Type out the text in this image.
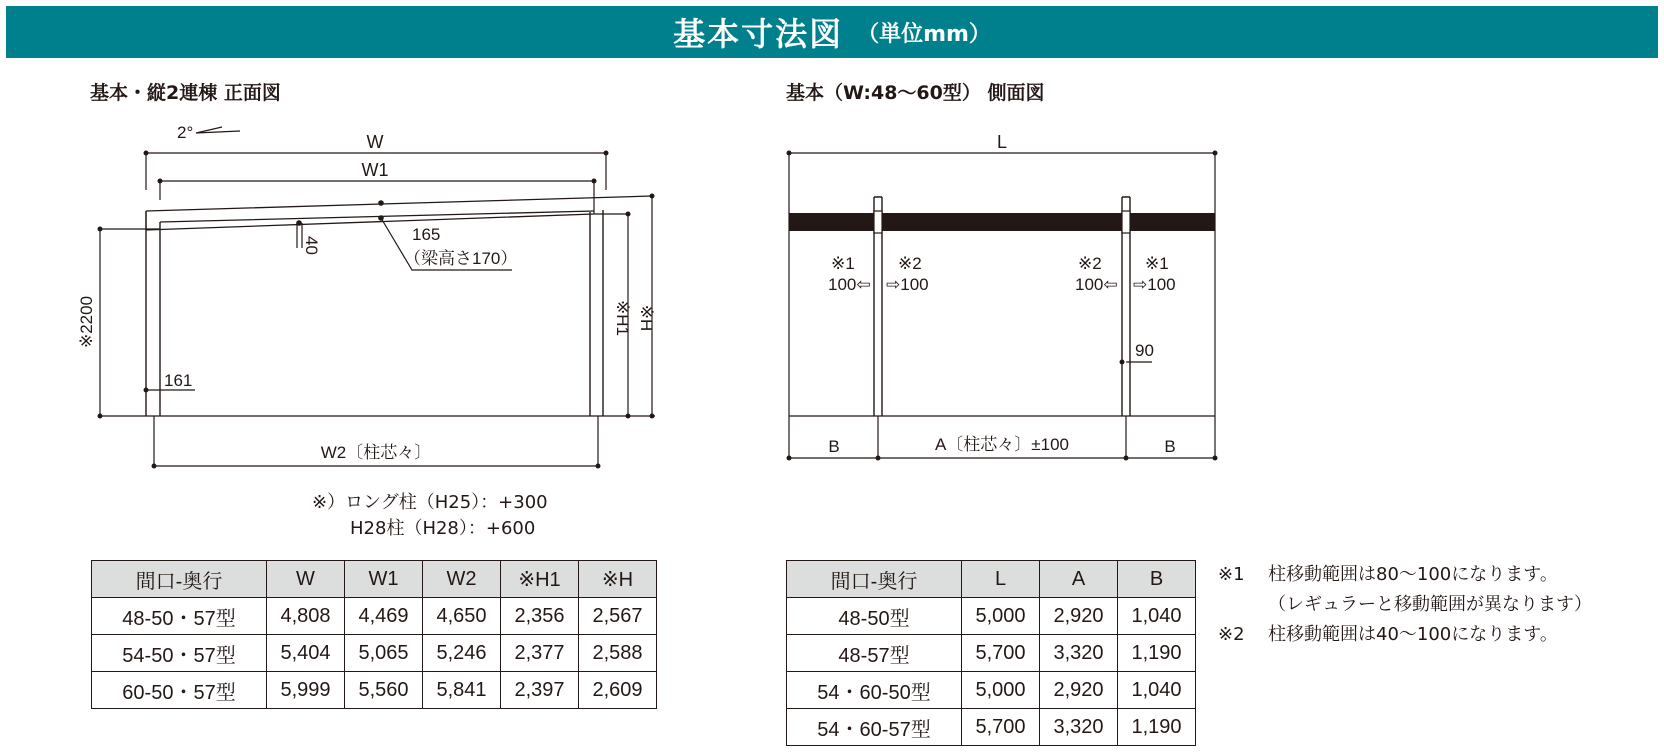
基本寸法図 （単位mm）
基本・縦2連棟 正面図	基本（W:48〜60型） 側面図
2°	W
W1
40
165
（梁高さ170）
※2200	※H1 ※H
161
W2〔柱芯々〕
L
※1
100⇦
※2
⇨100
※2
100⇦
※1
⇨100
90
B	A〔柱芯々〕±100	B
※）ロング柱（H25）：+300
H28柱（H28）：+600
間口-奥行	W	W1	W2	※H1	※H
48-50・57型	4,808	4,469	4,650	2,356	2,567
54-50・57型	5,404	5,065	5,246	2,377	2,588
60-50・57型	5,999	5,560	5,841	2,397	2,609
間口-奥行	L	A	B
48-50型	5,000	2,920	1,040
48-57型	5,700	3,320	1,190
54・60-50型	5,000	2,920	1,040
54・60-57型	5,700	3,320	1,190
※1	柱移動範囲は80〜100になります。
（レギュラーと移動範囲が異なります）
※2	柱移動範囲は40〜100になります。
